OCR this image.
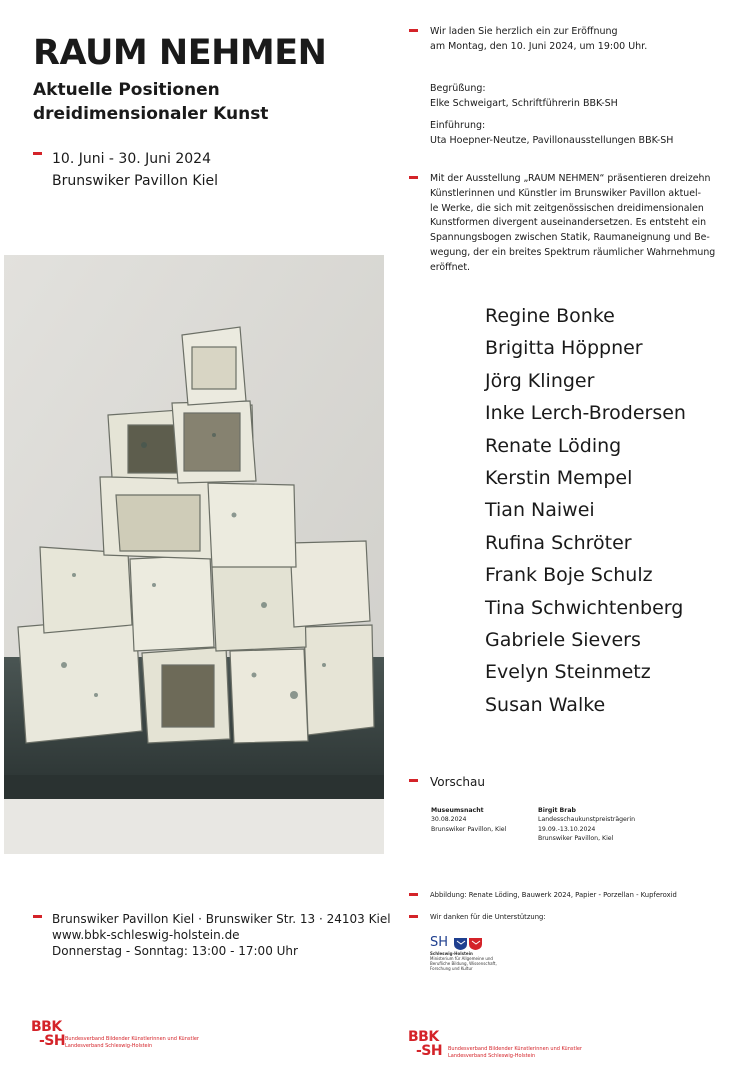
RAUM NEHMEN
Aktuelle Positionen
dreidimensionaler Kunst
10. Juni - 30. Juni 2024
Brunswiker Pavillon Kiel
Brunswiker Pavillon Kiel · Brunswiker Str. 13 · 24103 Kiel
www.bbk-schleswig-holstein.de
Donnerstag - Sonntag: 13:00 - 17:00 Uhr
BBK
-SH Bundesverband Bildender Künstlerinnen und Künstler
Landesverband Schleswig-Holstein
Wir laden Sie herzlich ein zur Eröffnung
am Montag, den 10. Juni 2024, um 19:00 Uhr.
Begrüßung:
Elke Schweigart, Schriftführerin BBK-SH
Einführung:
Uta Hoepner-Neutze, Pavillonausstellungen BBK-SH
Mit der Ausstellung „RAUM NEHMEN“ präsentieren dreizehn
Künstlerinnen und Künstler im Brunswiker Pavillon aktuel-
le Werke, die sich mit zeitgenössischen dreidimensionalen
Kunstformen divergent auseinandersetzen. Es entsteht ein
Spannungsbogen zwischen Statik, Raumaneignung und Be-
wegung, der ein breites Spektrum räumlicher Wahrnehmung
eröffnet.
Regine Bonke
Brigitta Höppner
Jörg Klinger
Inke Lerch-Brodersen
Renate Löding
Kerstin Mempel
Tian Naiwei
Rufina Schröter
Frank Boje Schulz
Tina Schwichtenberg
Gabriele Sievers
Evelyn Steinmetz
Susan Walke
Vorschau
Museumsnacht
30.08.2024
Brunswiker Pavillon, Kiel
Birgit Brab
Landesschaukunstpreisträgerin
19.09.-13.10.2024
Brunswiker Pavillon, Kiel
Abbildung: Renate Löding, Bauwerk 2024, Papier - Porzellan - Kupferoxid
Wir danken für die Unterstützung:
SH
Schleswig-Holstein
Ministerium für Allgemeine und
Berufliche Bildung, Wissenschaft,
Forschung und Kultur
BBK
-SH Bundesverband Bildender Künstlerinnen und Künstler
Landesverband Schleswig-Holstein
